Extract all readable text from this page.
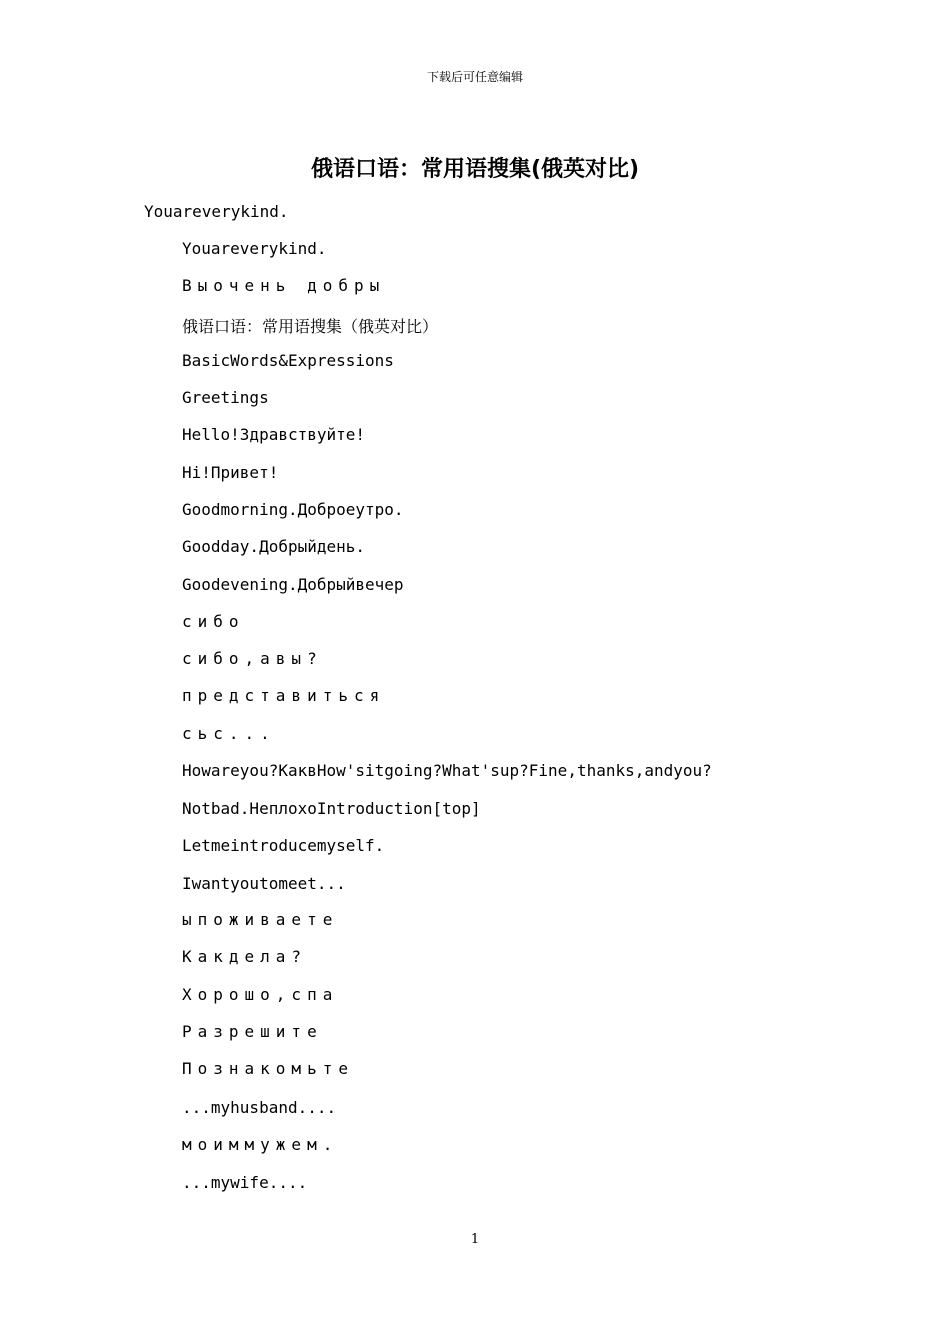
下载后可任意编辑
俄语口语：常用语搜集(俄英对比)
Youareverykind.
Youareverykind.
Выочень добры
俄语口语：常用语搜集（俄英对比）
BasicWords&Expressions
Greetings
Hello!Здравствуйте!
Hi!Привет!
Goodmorning.Доброеутро.
Goodday.Добрыйдень.
Goodevening.Добрыйвечер
сибо
сибо,авы?
представиться
сьс...
Howareyou?КаквHow'sitgoing?What'sup?Fine,thanks,andyou?
Notbad.НеплохоIntroduction[top]
Letmeintroducemyself.
Iwantyoutomeet...
ыпоживаете
Какдела?
Хорошо,спа
Разрешите
Познакомьте
...myhusband....
моиммужем.
...mywife....
1
